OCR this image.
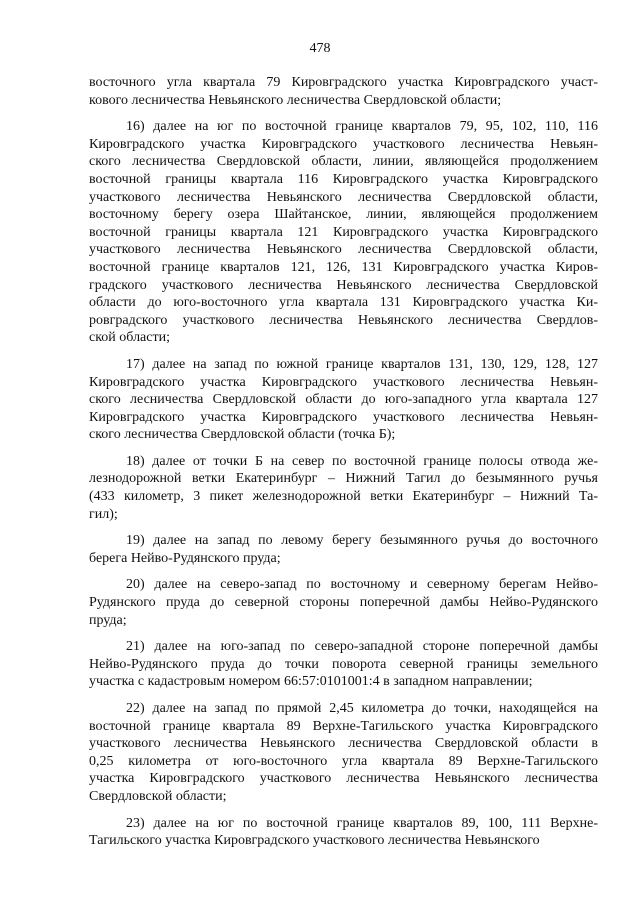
478
восточного угла квартала 79 Кировградского участка Кировградского участ-
кового лесничества Невьянского лесничества Свердловской области;
16) далее на юг по восточной границе кварталов 79, 95, 102, 110, 116
Кировградского участка Кировградского участкового лесничества Невьян-
ского лесничества Свердловской области, линии, являющейся продолжением
восточной границы квартала 116 Кировградского участка Кировградского
участкового лесничества Невьянского лесничества Свердловской области,
восточному берегу озера Шайтанское, линии, являющейся продолжением
восточной границы квартала 121 Кировградского участка Кировградского
участкового лесничества Невьянского лесничества Свердловской области,
восточной границе кварталов 121, 126, 131 Кировградского участка Киров-
градского участкового лесничества Невьянского лесничества Свердловской
области до юго-восточного угла квартала 131 Кировградского участка Ки-
ровградского участкового лесничества Невьянского лесничества Свердлов-
ской области;
17) далее на запад по южной границе кварталов 131, 130, 129, 128, 127
Кировградского участка Кировградского участкового лесничества Невьян-
ского лесничества Свердловской области до юго-западного угла квартала 127
Кировградского участка Кировградского участкового лесничества Невьян-
ского лесничества Свердловской области (точка Б);
18) далее от точки Б на север по восточной границе полосы отвода же-
лезнодорожной ветки Екатеринбург – Нижний Тагил до безымянного ручья
(433 километр, 3 пикет железнодорожной ветки Екатеринбург – Нижний Та-
гил);
19) далее на запад по левому берегу безымянного ручья до восточного
берега Нейво-Рудянского пруда;
20) далее на северо-запад по восточному и северному берегам Нейво-
Рудянского пруда до северной стороны поперечной дамбы Нейво-Рудянского
пруда;
21) далее на юго-запад по северо-западной стороне поперечной дамбы
Нейво-Рудянского пруда до точки поворота северной границы земельного
участка с кадастровым номером 66:57:0101001:4 в западном направлении;
22) далее на запад по прямой 2,45 километра до точки, находящейся на
восточной границе квартала 89 Верхне-Тагильского участка Кировградского
участкового лесничества Невьянского лесничества Свердловской области в
0,25 километра от юго-восточного угла квартала 89 Верхне-Тагильского
участка Кировградского участкового лесничества Невьянского лесничества
Свердловской области;
23) далее на юг по восточной границе кварталов 89, 100, 111 Верхне-
Тагильского участка Кировградского участкового лесничества Невьянского
